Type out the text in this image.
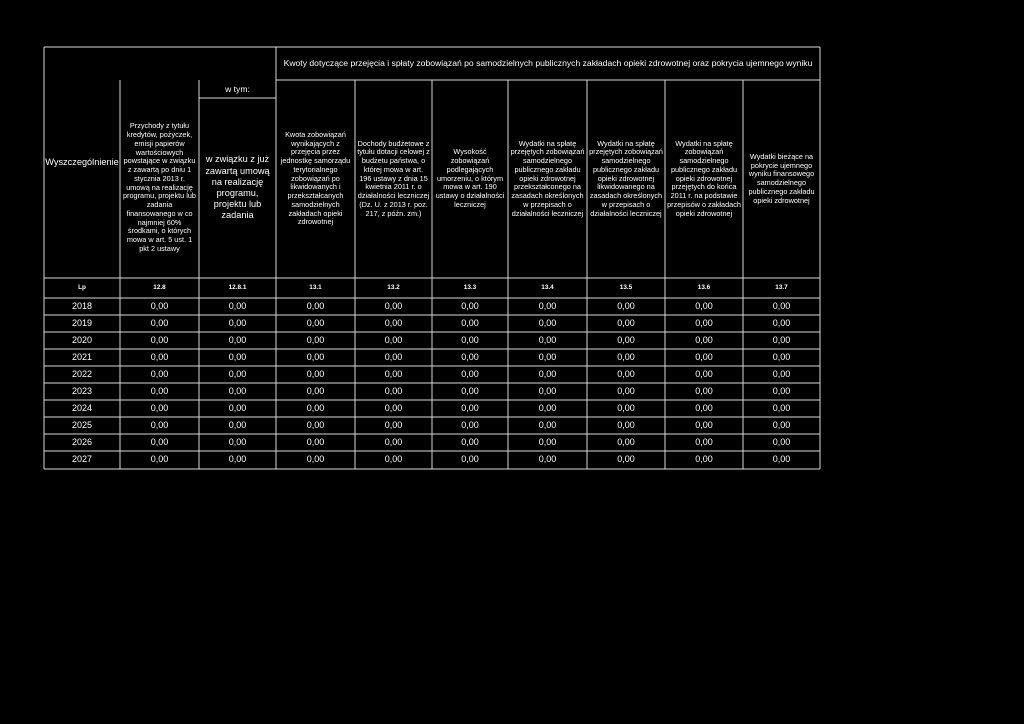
Kwoty dotyczące przejęcia i spłaty zobowiązań po samodzielnych publicznych zakładach opieki zdrowotnej oraz pokrycia ujemnego wyniku
w tym:
Wyszczególnienie
Przychody z tytułu kredytów, pożyczek, emisji papierów wartościowych powstające w związku z zawartą po dniu 1 stycznia 2013 r. umową na realizację programu, projektu lub zadania finansowanego w co najmniej 60% środkami, o których mowa w art. 5 ust. 1 pkt 2 ustawy
w związku z już zawartą umową na realizację programu, projektu lub zadania
Kwota zobowiązań wynikających z przejęcia przez jednostkę samorządu terytorialnego zobowiązań po likwidowanych i przekształcanych samodzielnych zakładach opieki zdrowotnej
Dochody budżetowe z tytułu dotacji celowej z budżetu państwa, o której mowa w art. 196 ustawy z dnia 15 kwietnia 2011 r. o działalności leczniczej (Dz. U. z 2013 r. poz. 217, z późn. zm.)
Wysokość zobowiązań podlegających umorzeniu, o którym mowa w art. 190 ustawy o działalności leczniczej
Wydatki na spłatę przejętych zobowiązań samodzielnego publicznego zakładu opieki zdrowotnej przekształconego na zasadach określonych w przepisach o działalności leczniczej
Wydatki na spłatę przejętych zobowiązań samodzielnego publicznego zakładu opieki zdrowotnej likwidowanego na zasadach określonych w przepisach o działalności leczniczej
Wydatki na spłatę zobowiązań samodzielnego publicznego zakładu opieki zdrowotnej przejętych do końca 2011 r. na podstawie przepisów o zakładach opieki zdrowotnej
Wydatki bieżące na pokrycie ujemnego wyniku finansowego samodzielnego publicznego zakładu opieki zdrowotnej
Lp	12.8	12.8.1	13.1	13.2	13.3	13.4	13.5	13.6	13.7
2018	0,00	0,00	0,00	0,00	0,00	0,00	0,00	0,00	0,00
2019	0,00	0,00	0,00	0,00	0,00	0,00	0,00	0,00	0,00
2020	0,00	0,00	0,00	0,00	0,00	0,00	0,00	0,00	0,00
2021	0,00	0,00	0,00	0,00	0,00	0,00	0,00	0,00	0,00
2022	0,00	0,00	0,00	0,00	0,00	0,00	0,00	0,00	0,00
2023	0,00	0,00	0,00	0,00	0,00	0,00	0,00	0,00	0,00
2024	0,00	0,00	0,00	0,00	0,00	0,00	0,00	0,00	0,00
2025	0,00	0,00	0,00	0,00	0,00	0,00	0,00	0,00	0,00
2026	0,00	0,00	0,00	0,00	0,00	0,00	0,00	0,00	0,00
2027	0,00	0,00	0,00	0,00	0,00	0,00	0,00	0,00	0,00
